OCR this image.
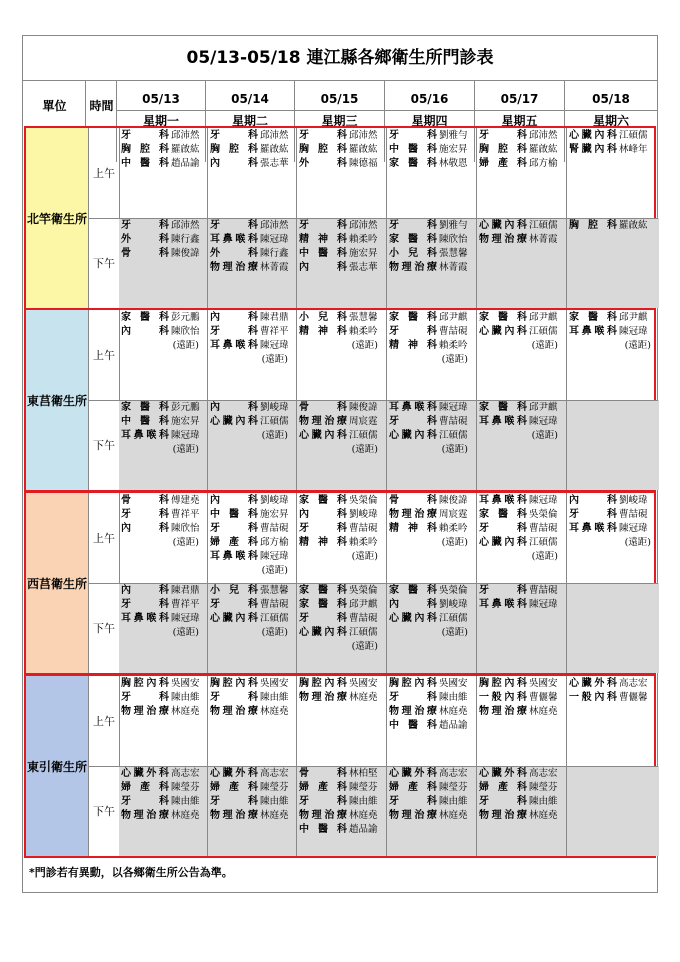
05/13-05/18 連江縣各鄉衛生所門診表
單位	時間	05/13
星期一
05/14
星期二
05/15
星期三
05/16
星期四
05/17
星期五
05/18
星期六
北竿衛生所
上午
牙科 邱沛然
胸腔科 羅啟紘
中醫科 趙品諭
牙科 邱沛然
胸腔科 羅啟紘
內科 張志華
牙科 邱沛然
胸腔科 羅啟紘
外科 陳德福
牙科 劉雅勻
中醫科 施宏昇
家醫科 林敬恩
牙科 邱沛然
胸腔科 羅啟紘
婦產科 邱方榆
心臟內科 江碩儒
腎臟內科 林峰年
下午
牙科 邱沛然
外科 陳行鑫
骨科 陳俊諱
牙科 邱沛然
耳鼻喉科 陳冠瑋
外科 陳行鑫
物理治療 林菁霞
牙科 邱沛然
精神科 賴柔吟
中醫科 施宏昇
內科 張志華
牙科 劉雅勻
家醫科 陳欣怡
小兒科 張慧馨
物理治療 林菁霞
心臟內科 江碩儒
物理治療 林菁霞
胸腔科 羅啟紘
東莒衛生所
上午
家醫科 彭元鵬
內科 陳欣怡
(遠距)
內科 陳君鼎
牙科 曹祥平
耳鼻喉科 陳冠瑋
(遠距)
小兒科 張慧馨
精神科 賴柔吟
(遠距)
家醫科 邱尹麒
牙科 曹喆硯
精神科 賴柔吟
(遠距)
家醫科 邱尹麒
心臟內科 江碩儒
(遠距)
家醫科 邱尹麒
耳鼻喉科 陳冠瑋
(遠距)
下午
家醫科 彭元鵬
中醫科 施宏昇
耳鼻喉科 陳冠瑋
(遠距)
內科 劉峻瑋
心臟內科 江碩儒
(遠距)
骨科 陳俊諱
物理治療 周宸霆
心臟內科 江碩儒
(遠距)
耳鼻喉科 陳冠瑋
牙科 曹喆硯
心臟內科 江碩儒
(遠距)
家醫科 邱尹麒
耳鼻喉科 陳冠瑋
(遠距)
西莒衛生所
上午
骨科 傅建堯
牙科 曹祥平
內科 陳欣怡
(遠距)
內科 劉峻瑋
中醫科 施宏昇
牙科 曹喆硯
婦產科 邱方榆
耳鼻喉科 陳冠瑋
(遠距)
家醫科 吳榮倫
內科 劉峻瑋
牙科 曹喆硯
精神科 賴柔吟
(遠距)
骨科 陳俊諱
物理治療 周宸霆
精神科 賴柔吟
(遠距)
耳鼻喉科 陳冠瑋
家醫科 吳榮倫
牙科 曹喆硯
心臟內科 江碩儒
(遠距)
內科 劉峻瑋
牙科 曹喆硯
耳鼻喉科 陳冠瑋
(遠距)
下午
內科 陳君鼎
牙科 曹祥平
耳鼻喉科 陳冠瑋
(遠距)
小兒科 張慧馨
牙科 曹喆硯
心臟內科 江碩儒
(遠距)
家醫科 吳榮倫
家醫科 邱尹麒
牙科 曹喆硯
心臟內科 江碩儒
(遠距)
家醫科 吳榮倫
內科 劉峻瑋
心臟內科 江碩儒
(遠距)
牙科 曹喆硯
耳鼻喉科 陳冠瑋
東引衛生所
上午
胸腔內科 吳國安
牙科 陳由維
物理治療 林庭堯
胸腔內科 吳國安
牙科 陳由維
物理治療 林庭堯
胸腔內科 吳國安
物理治療 林庭堯
胸腔內科 吳國安
牙科 陳由維
物理治療 林庭堯
中醫科 趙品諭
胸腔內科 吳國安
一般內科 曹儷馨
物理治療 林庭堯
心臟外科 高志宏
一般內科 曹儷馨
下午
心臟外科 高志宏
婦產科 陳瑩芬
牙科 陳由維
物理治療 林庭堯
心臟外科 高志宏
婦產科 陳瑩芬
牙科 陳由維
物理治療 林庭堯
骨科 林柏堅
婦產科 陳瑩芬
牙科 陳由維
物理治療 林庭堯
中醫科 趙品諭
心臟外科 高志宏
婦產科 陳瑩芬
牙科 陳由維
物理治療 林庭堯
心臟外科 高志宏
婦產科 陳瑩芬
牙科 陳由維
物理治療 林庭堯
*門診若有異動，以各鄉衛生所公告為準。
